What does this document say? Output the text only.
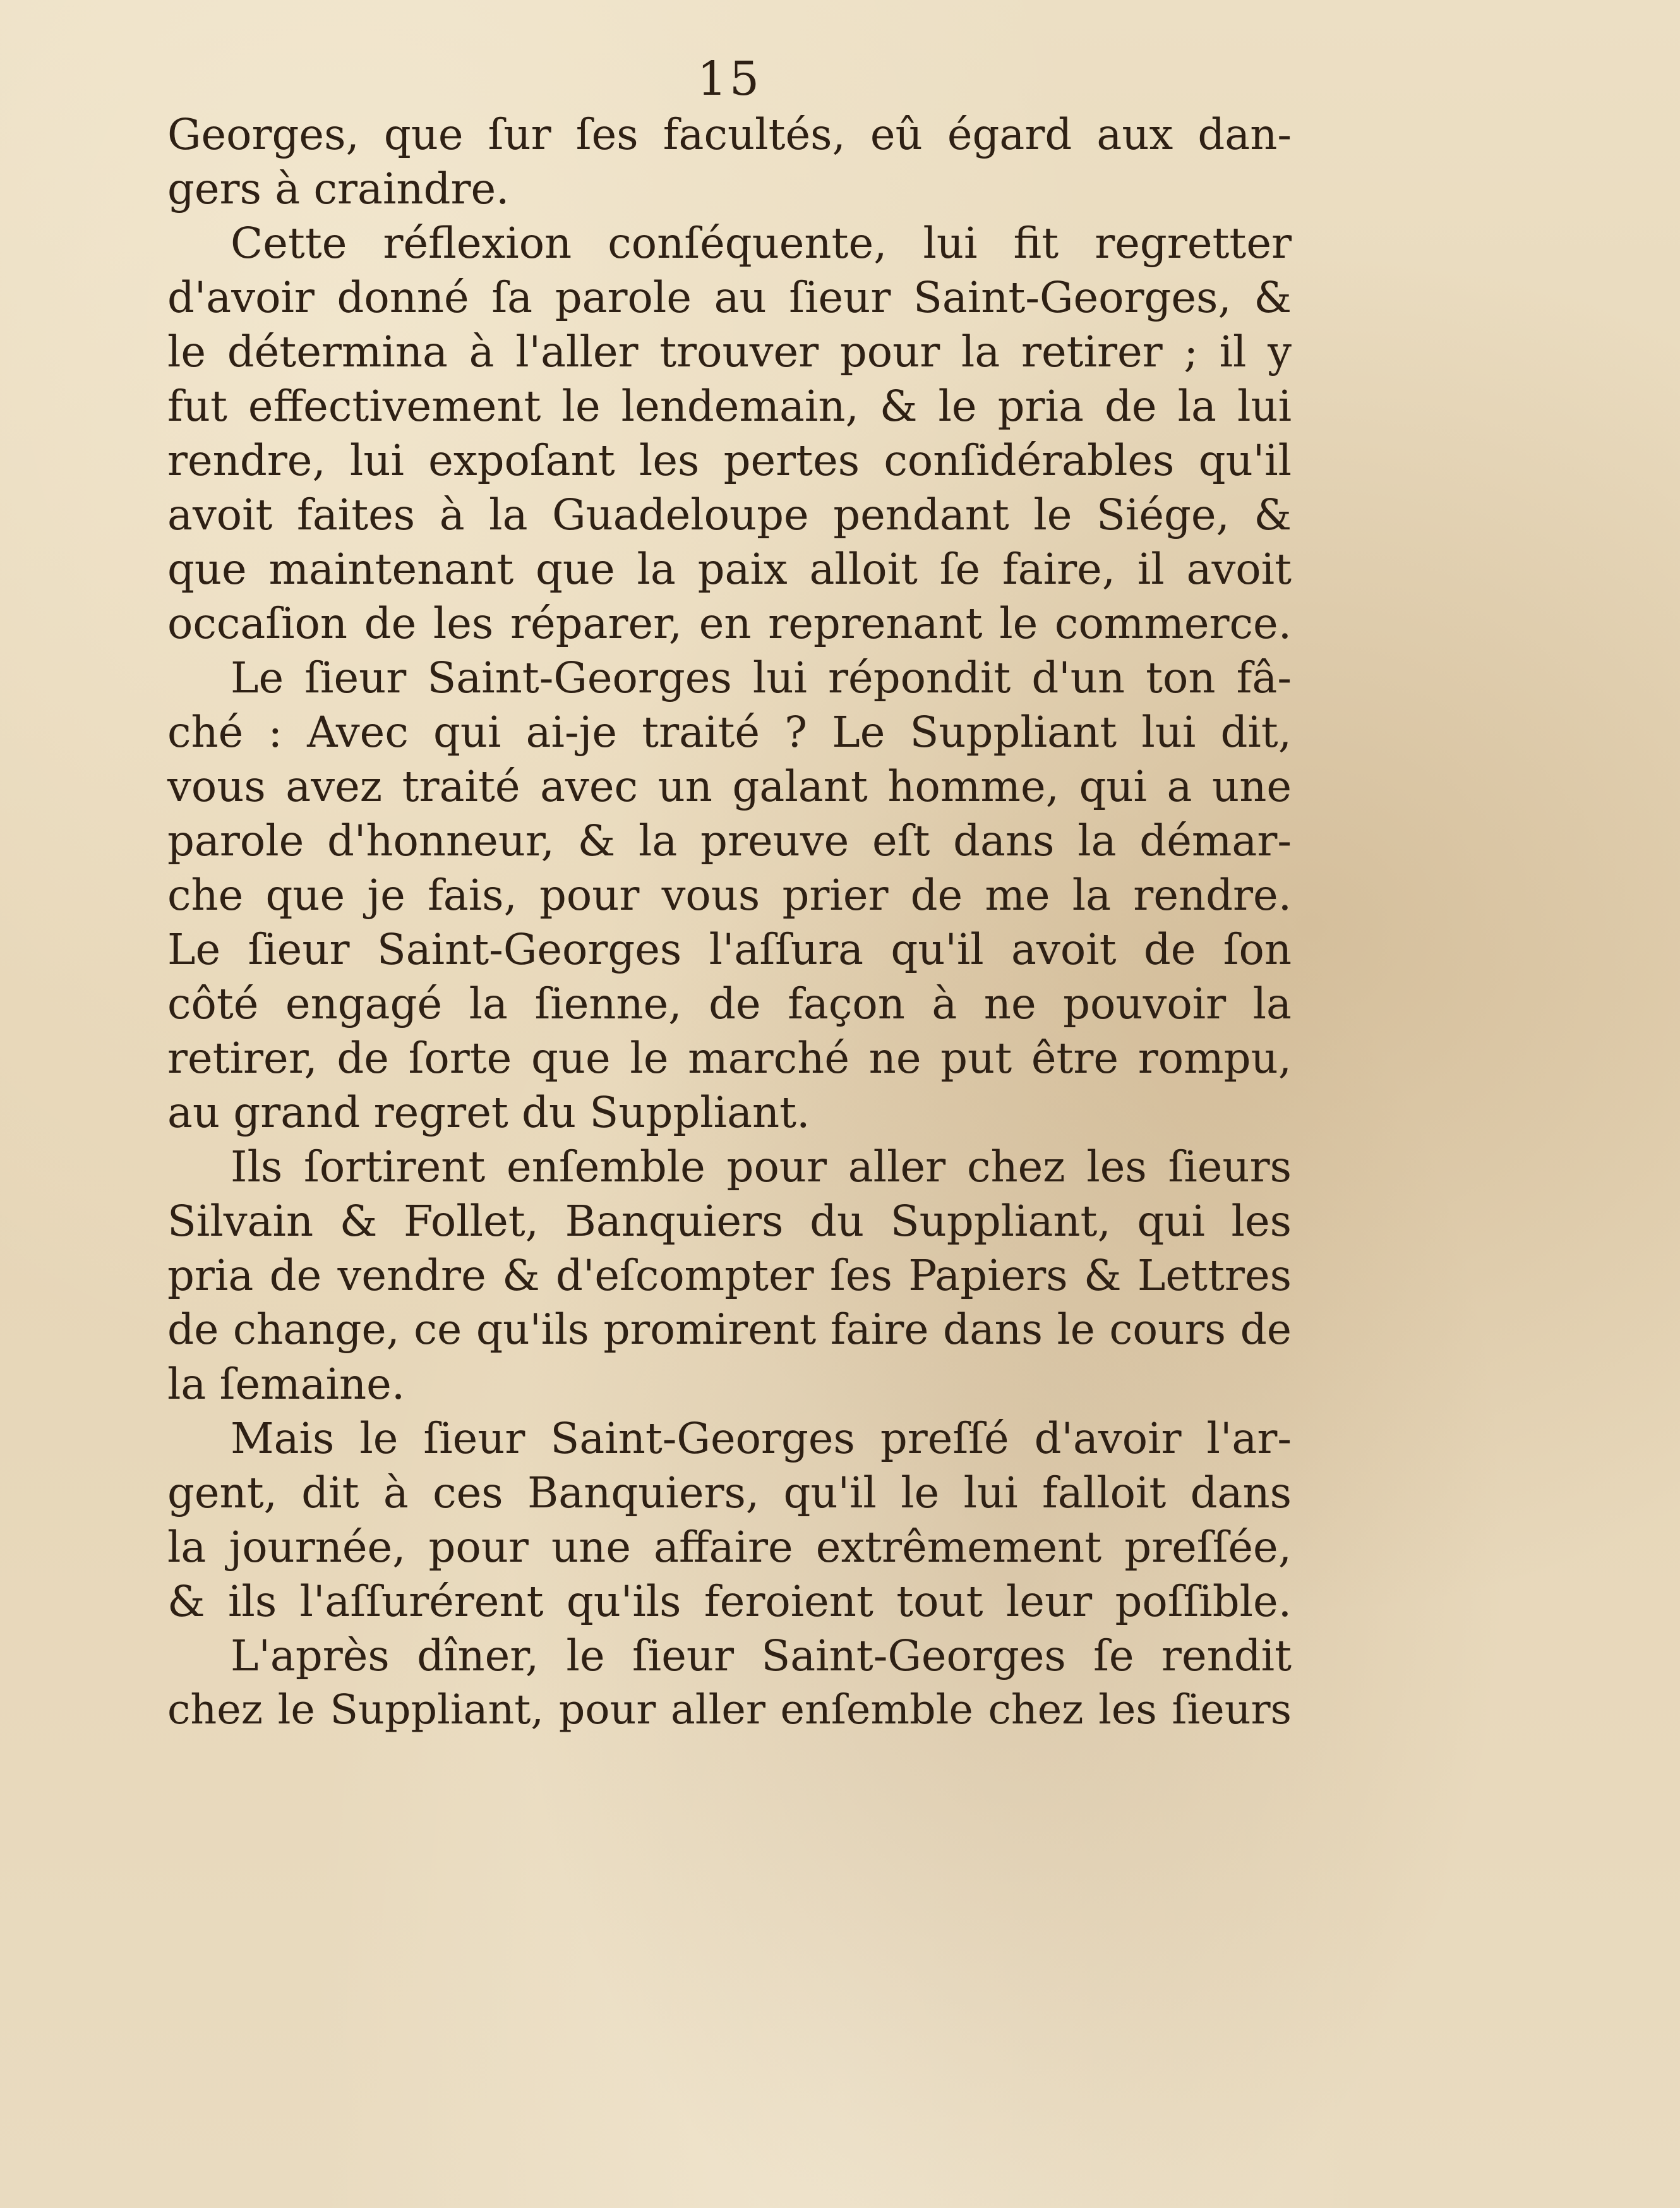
15
Georges, que ſur ſes facultés, eû égard aux dan-
gers à craindre.
Cette réflexion conſéquente, lui fit regretter
d'avoir donné ſa parole au ſieur Saint-Georges, &
le détermina à l'aller trouver pour la retirer ; il y
fut effectivement le lendemain, & le pria de la lui
rendre, lui expoſant les pertes conſidérables qu'il
avoit faites à la Guadeloupe pendant le Siége, &
que maintenant que la paix alloit ſe faire, il avoit
occaſion de les réparer, en reprenant le commerce.
Le ſieur Saint-Georges lui répondit d'un ton fâ-
ché : Avec qui ai-je traité ? Le Suppliant lui dit,
vous avez traité avec un galant homme, qui a une
parole d'honneur, & la preuve eſt dans la démar-
che que je fais, pour vous prier de me la rendre.
Le ſieur Saint-Georges l'aſſura qu'il avoit de ſon
côté engagé la ſienne, de façon à ne pouvoir la
retirer, de ſorte que le marché ne put être rompu,
au grand regret du Suppliant.
Ils ſortirent enſemble pour aller chez les ſieurs
Silvain & Follet, Banquiers du Suppliant, qui les
pria de vendre & d'eſcompter ſes Papiers & Lettres
de change, ce qu'ils promirent faire dans le cours de
la ſemaine.
Mais le ſieur Saint-Georges preſſé d'avoir l'ar-
gent, dit à ces Banquiers, qu'il le lui falloit dans
la journée, pour une affaire extrêmement preſſée,
& ils l'aſſurérent qu'ils feroient tout leur poſſible.
L'après dîner, le ſieur Saint-Georges ſe rendit
chez le Suppliant, pour aller enſemble chez les ſieurs
